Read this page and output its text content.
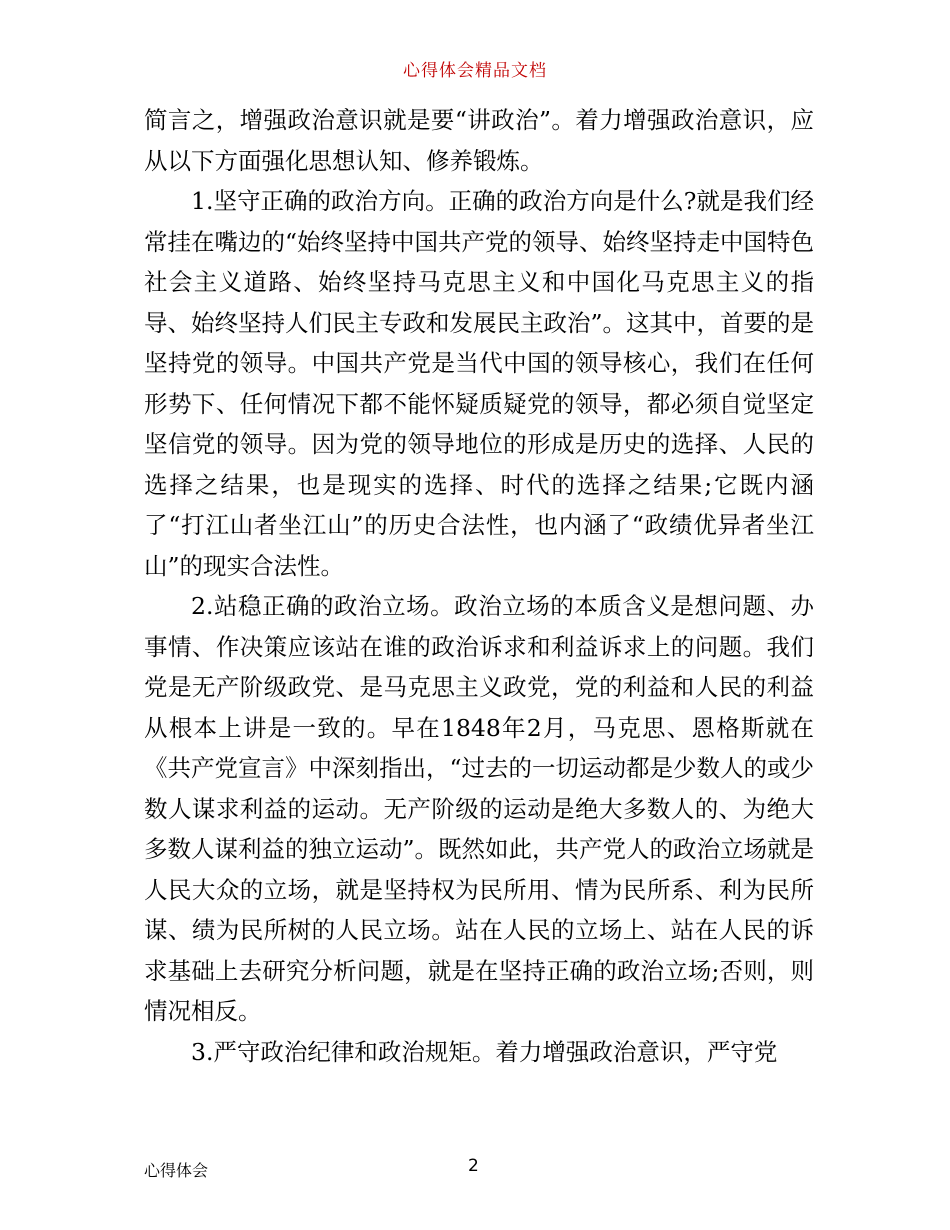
心得体会精品文档

简言之，增强政治意识就是要“讲政治”。着力增强政治意识，应从以下方面强化思想认知、修养锻炼。

1.坚守正确的政治方向。正确的政治方向是什么?就是我们经常挂在嘴边的“始终坚持中国共产党的领导、始终坚持走中国特色社会主义道路、始终坚持马克思主义和中国化马克思主义的指导、始终坚持人们民主专政和发展民主政治”。这其中，首要的是坚持党的领导。中国共产党是当代中国的领导核心，我们在任何形势下、任何情况下都不能怀疑质疑党的领导，都必须自觉坚定坚信党的领导。因为党的领导地位的形成是历史的选择、人民的选择之结果，也是现实的选择、时代的选择之结果;它既内涵了“打江山者坐江山”的历史合法性，也内涵了“政绩优异者坐江山”的现实合法性。

2.站稳正确的政治立场。政治立场的本质含义是想问题、办事情、作决策应该站在谁的政治诉求和利益诉求上的问题。我们党是无产阶级政党、是马克思主义政党，党的利益和人民的利益从根本上讲是一致的。早在1848年2月，马克思、恩格斯就在《共产党宣言》中深刻指出，“过去的一切运动都是少数人的或少数人谋求利益的运动。无产阶级的运动是绝大多数人的、为绝大多数人谋利益的独立运动”。既然如此，共产党人的政治立场就是人民大众的立场，就是坚持权为民所用、情为民所系、利为民所谋、绩为民所树的人民立场。站在人民的立场上、站在人民的诉求基础上去研究分析问题，就是在坚持正确的政治立场;否则，则情况相反。

3.严守政治纪律和政治规矩。着力增强政治意识，严守党

心得体会	2
